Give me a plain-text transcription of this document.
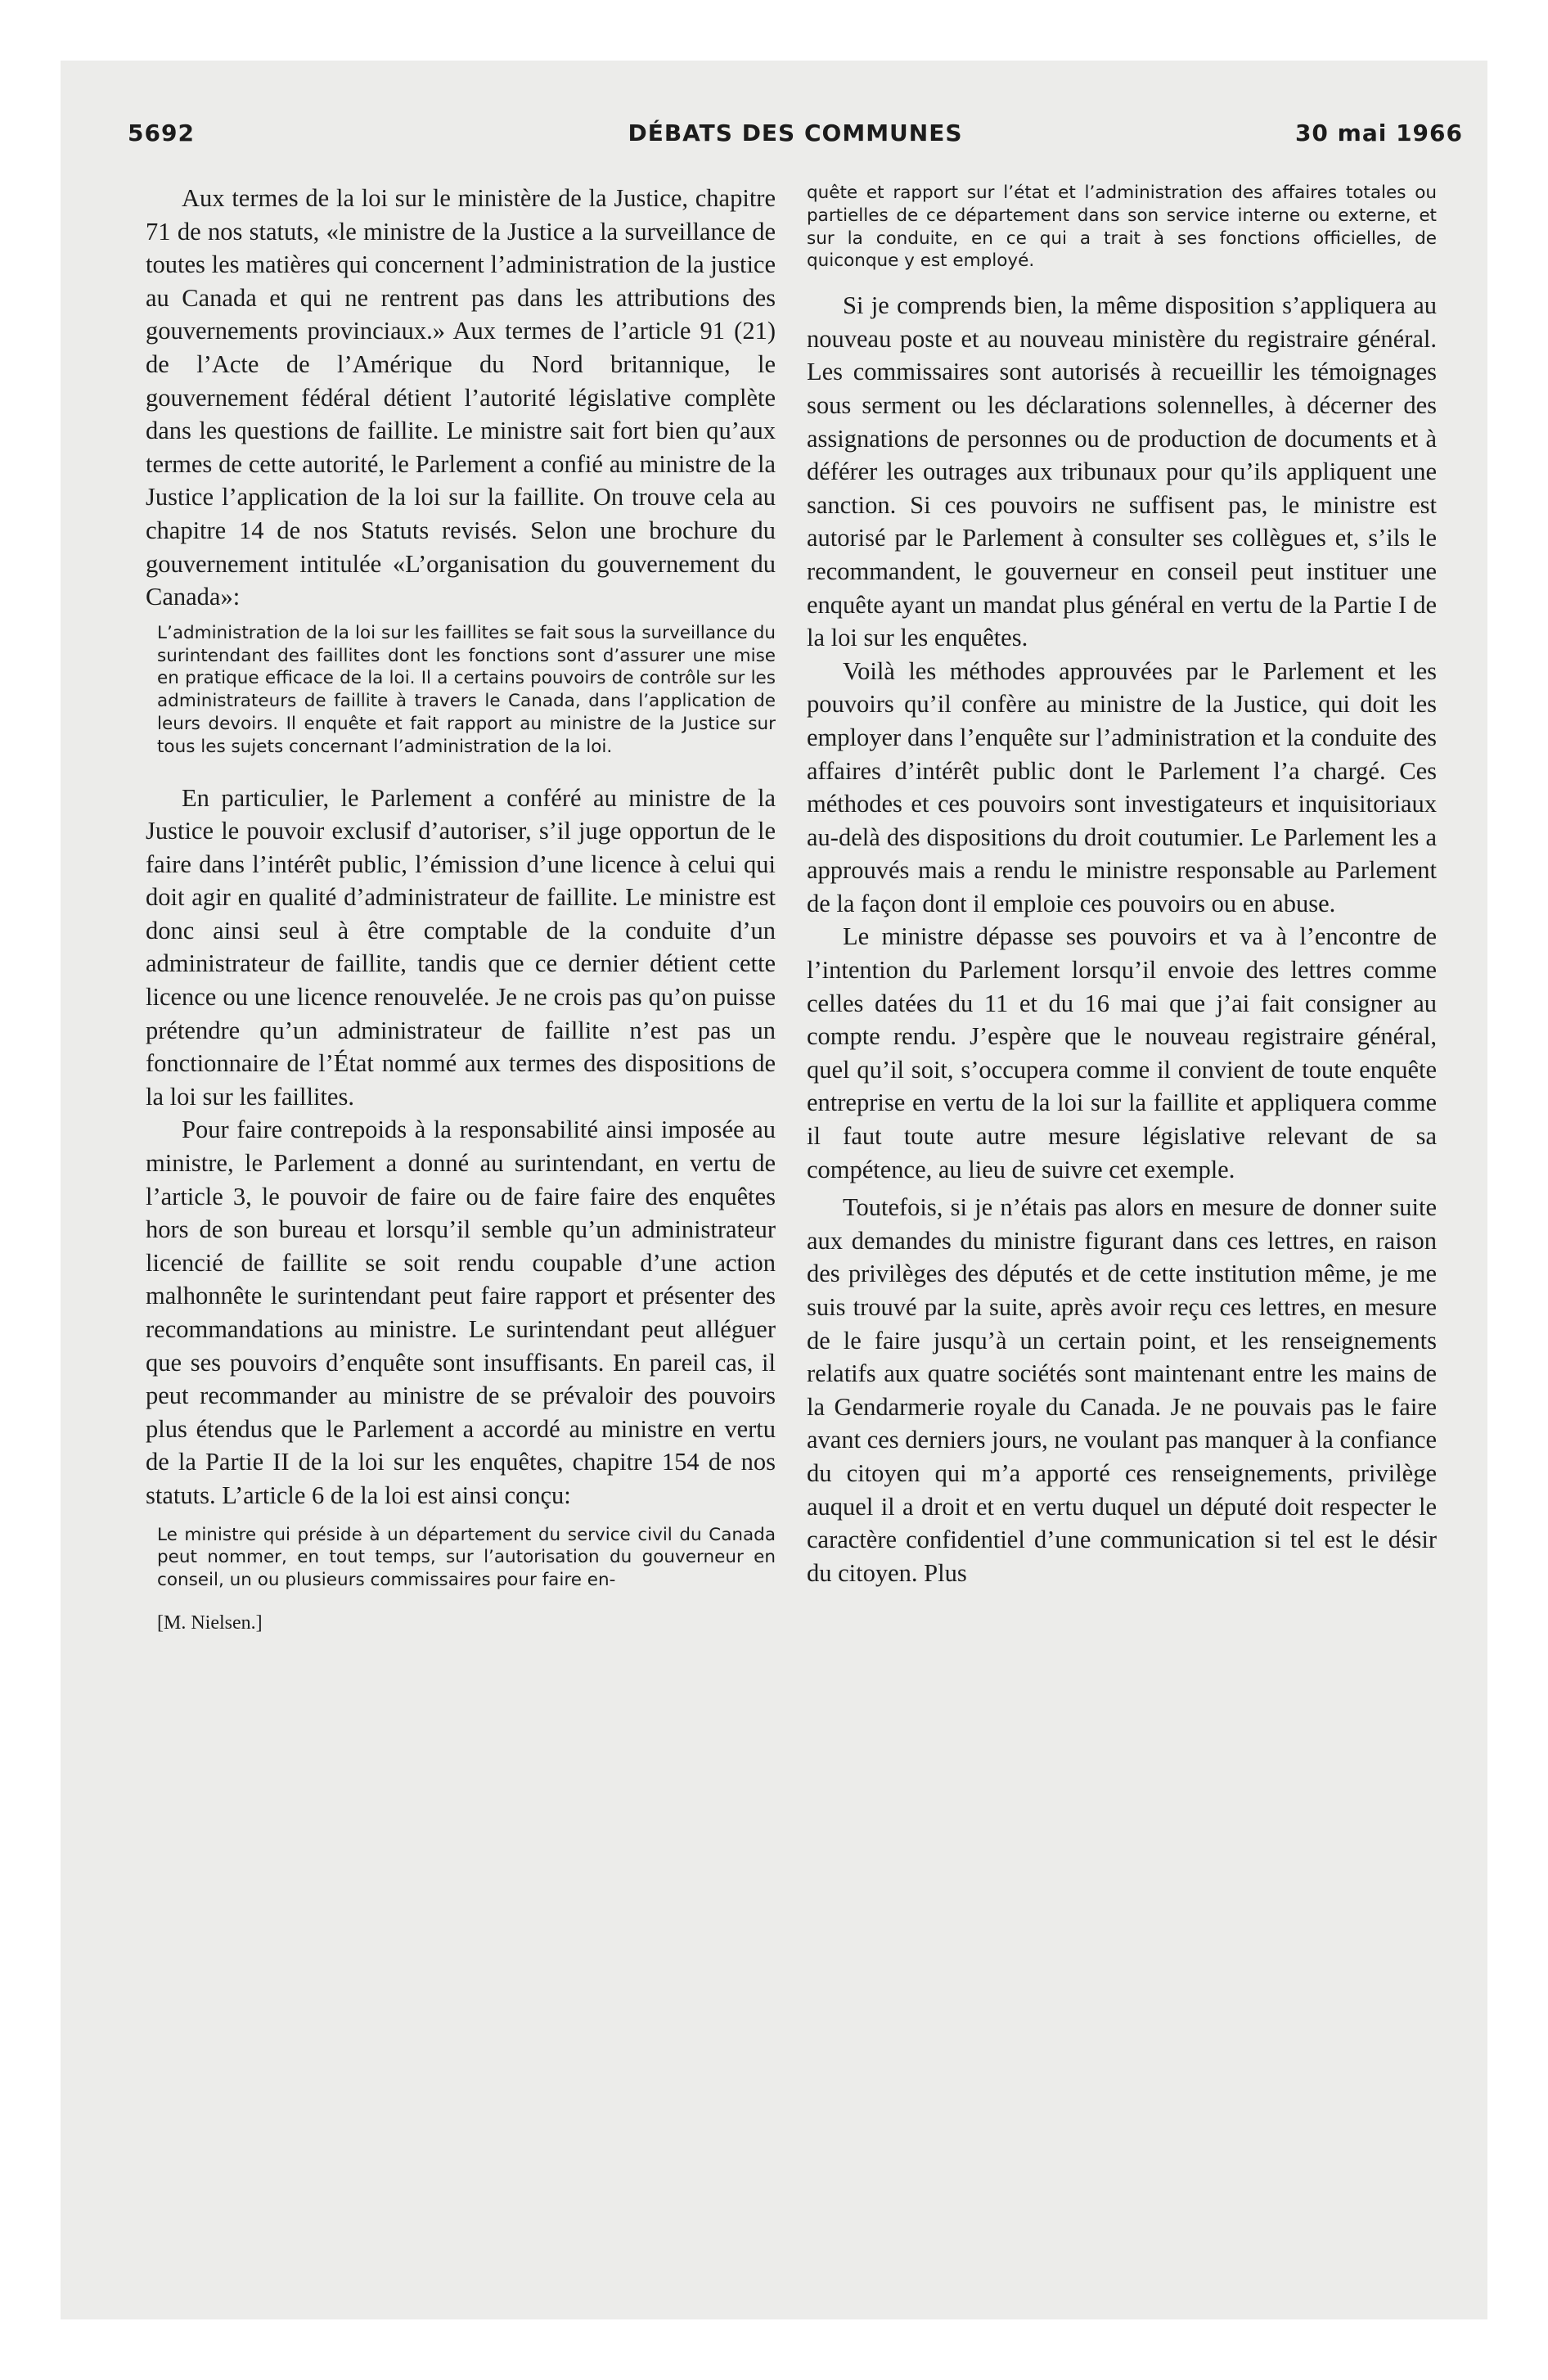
5692	DÉBATS DES COMMUNES	30 mai 1966

Aux termes de la loi sur le ministère de la Justice, chapitre 71 de nos statuts, «le ministre de la Justice a la surveillance de toutes les matières qui concernent l’administration de la justice au Canada et qui ne rentrent pas dans les attributions des gouvernements provinciaux.» Aux termes de l’article 91 (21) de l’Acte de l’Amérique du Nord britannique, le gouvernement fédéral détient l’autorité législative complète dans les questions de faillite. Le ministre sait fort bien qu’aux termes de cette autorité, le Parlement a confié au ministre de la Justice l’application de la loi sur la faillite. On trouve cela au chapitre 14 de nos Statuts revisés. Selon une brochure du gouvernement intitulée «L’organisation du gouvernement du Canada»:

L’administration de la loi sur les faillites se fait sous la surveillance du surintendant des faillites dont les fonctions sont d’assurer une mise en pratique efficace de la loi. Il a certains pouvoirs de contrôle sur les administrateurs de faillite à travers le Canada, dans l’application de leurs devoirs. Il enquête et fait rapport au ministre de la Justice sur tous les sujets concernant l’administration de la loi.

En particulier, le Parlement a conféré au ministre de la Justice le pouvoir exclusif d’autoriser, s’il juge opportun de le faire dans l’intérêt public, l’émission d’une licence à celui qui doit agir en qualité d’administrateur de faillite. Le ministre est donc ainsi seul à être comptable de la conduite d’un administrateur de faillite, tandis que ce dernier détient cette licence ou une licence renouvelée. Je ne crois pas qu’on puisse prétendre qu’un administrateur de faillite n’est pas un fonctionnaire de l’État nommé aux termes des dispositions de la loi sur les faillites.

Pour faire contrepoids à la responsabilité ainsi imposée au ministre, le Parlement a donné au surintendant, en vertu de l’article 3, le pouvoir de faire ou de faire faire des enquêtes hors de son bureau et lorsqu’il semble qu’un administrateur licencié de faillite se soit rendu coupable d’une action malhonnête le surintendant peut faire rapport et présenter des recommandations au ministre. Le surintendant peut alléguer que ses pouvoirs d’enquête sont insuffisants. En pareil cas, il peut recommander au ministre de se prévaloir des pouvoirs plus étendus que le Parlement a accordé au ministre en vertu de la Partie II de la loi sur les enquêtes, chapitre 154 de nos statuts. L’article 6 de la loi est ainsi conçu:

Le ministre qui préside à un département du service civil du Canada peut nommer, en tout temps, sur l’autorisation du gouverneur en conseil, un ou plusieurs commissaires pour faire en-
[M. Nielsen.]
quête et rapport sur l’état et l’administration des affaires totales ou partielles de ce département dans son service interne ou externe, et sur la conduite, en ce qui a trait à ses fonctions officielles, de quiconque y est employé.

Si je comprends bien, la même disposition s’appliquera au nouveau poste et au nouveau ministère du registraire général. Les commissaires sont autorisés à recueillir les témoignages sous serment ou les déclarations solennelles, à décerner des assignations de personnes ou de production de documents et à déférer les outrages aux tribunaux pour qu’ils appliquent une sanction. Si ces pouvoirs ne suffisent pas, le ministre est autorisé par le Parlement à consulter ses collègues et, s’ils le recommandent, le gouverneur en conseil peut instituer une enquête ayant un mandat plus général en vertu de la Partie I de la loi sur les enquêtes.

Voilà les méthodes approuvées par le Parlement et les pouvoirs qu’il confère au ministre de la Justice, qui doit les employer dans l’enquête sur l’administration et la conduite des affaires d’intérêt public dont le Parlement l’a chargé. Ces méthodes et ces pouvoirs sont investigateurs et inquisitoriaux au-delà des dispositions du droit coutumier. Le Parlement les a approuvés mais a rendu le ministre responsable au Parlement de la façon dont il emploie ces pouvoirs ou en abuse.

Le ministre dépasse ses pouvoirs et va à l’encontre de l’intention du Parlement lorsqu’il envoie des lettres comme celles datées du 11 et du 16 mai que j’ai fait consigner au compte rendu. J’espère que le nouveau registraire général, quel qu’il soit, s’occupera comme il convient de toute enquête entreprise en vertu de la loi sur la faillite et appliquera comme il faut toute autre mesure législative relevant de sa compétence, au lieu de suivre cet exemple.

Toutefois, si je n’étais pas alors en mesure de donner suite aux demandes du ministre figurant dans ces lettres, en raison des privilèges des députés et de cette institution même, je me suis trouvé par la suite, après avoir reçu ces lettres, en mesure de le faire jusqu’à un certain point, et les renseignements relatifs aux quatre sociétés sont maintenant entre les mains de la Gendarmerie royale du Canada. Je ne pouvais pas le faire avant ces derniers jours, ne voulant pas manquer à la confiance du citoyen qui m’a apporté ces renseignements, privilège auquel il a droit et en vertu duquel un député doit respecter le caractère confidentiel d’une communication si tel est le désir du citoyen. Plus
